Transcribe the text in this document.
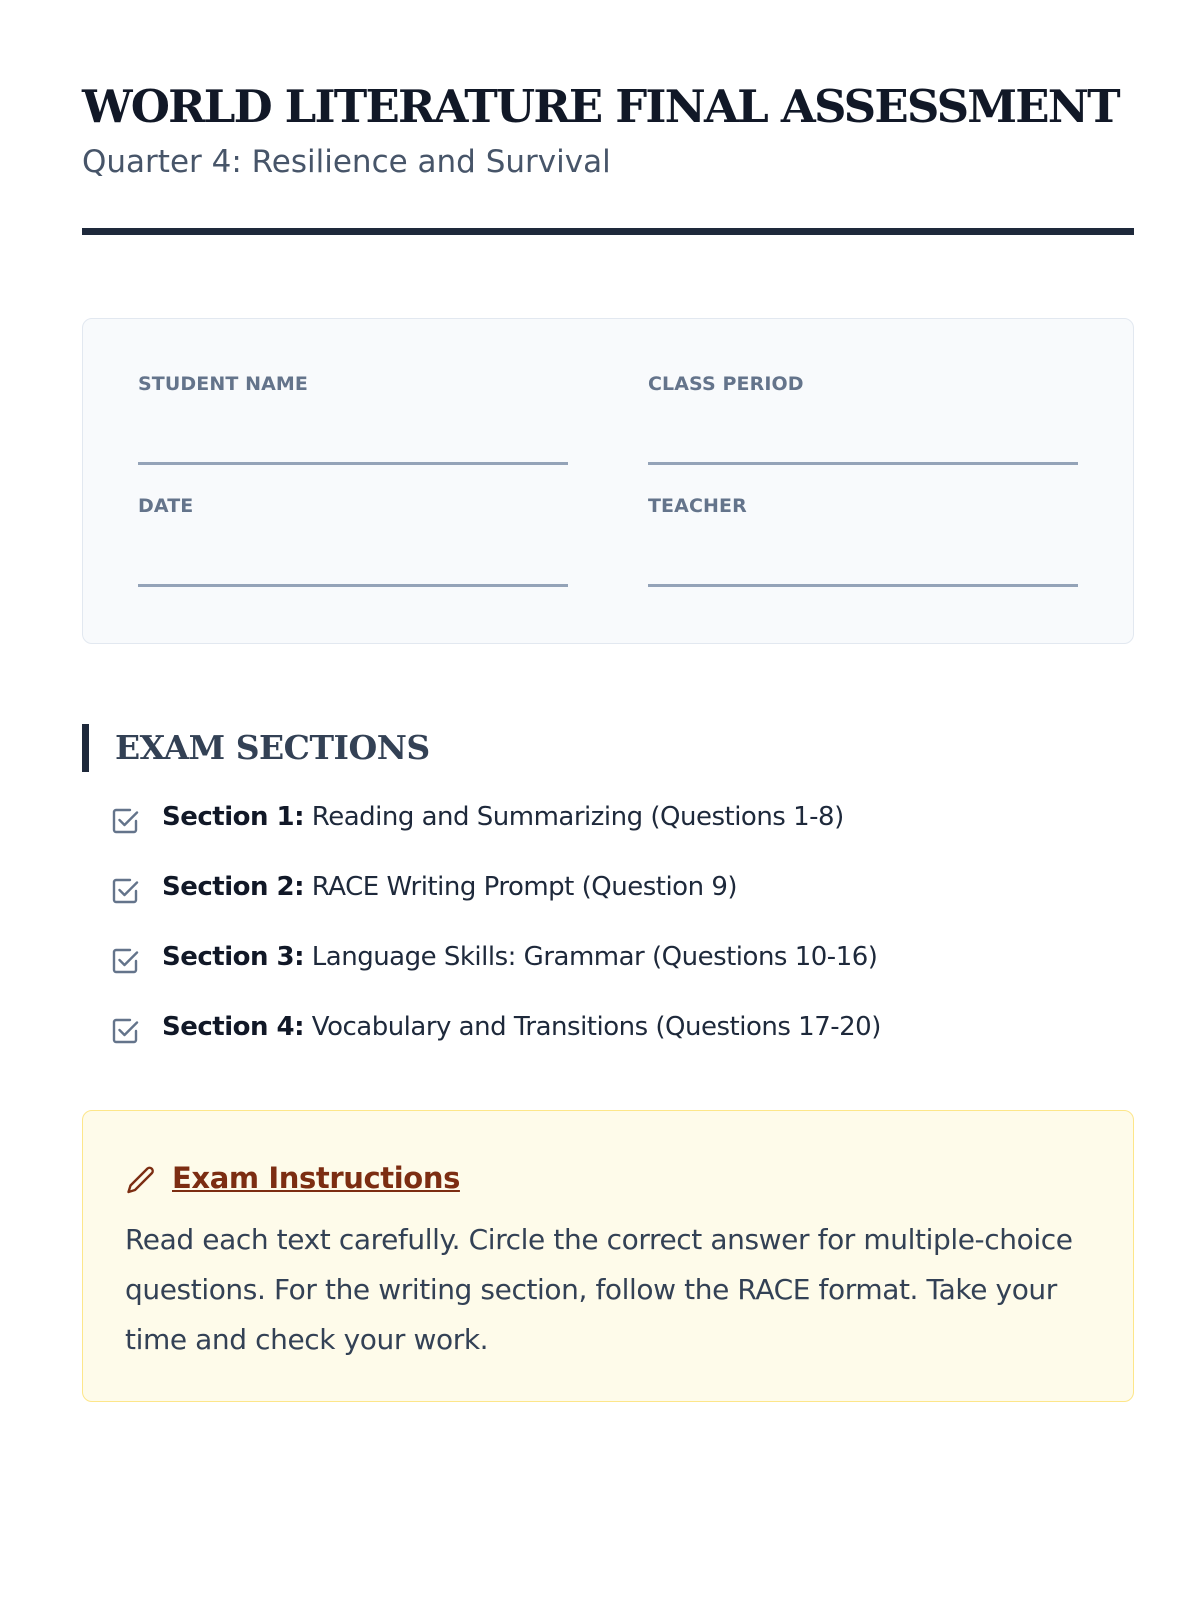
WORLD LITERATURE FINAL ASSESSMENT
Quarter 4: Resilience and Survival
STUDENT NAME	CLASS PERIOD
DATE	TEACHER
EXAM SECTIONS
Section 1: Reading and Summarizing (Questions 1-8)
Section 2: RACE Writing Prompt (Question 9)
Section 3: Language Skills: Grammar (Questions 10-16)
Section 4: Vocabulary and Transitions (Questions 17-20)
Exam Instructions

Read each text carefully. Circle the correct answer for multiple-choice questions. For the writing section, follow the RACE format. Take your time and check your work.
